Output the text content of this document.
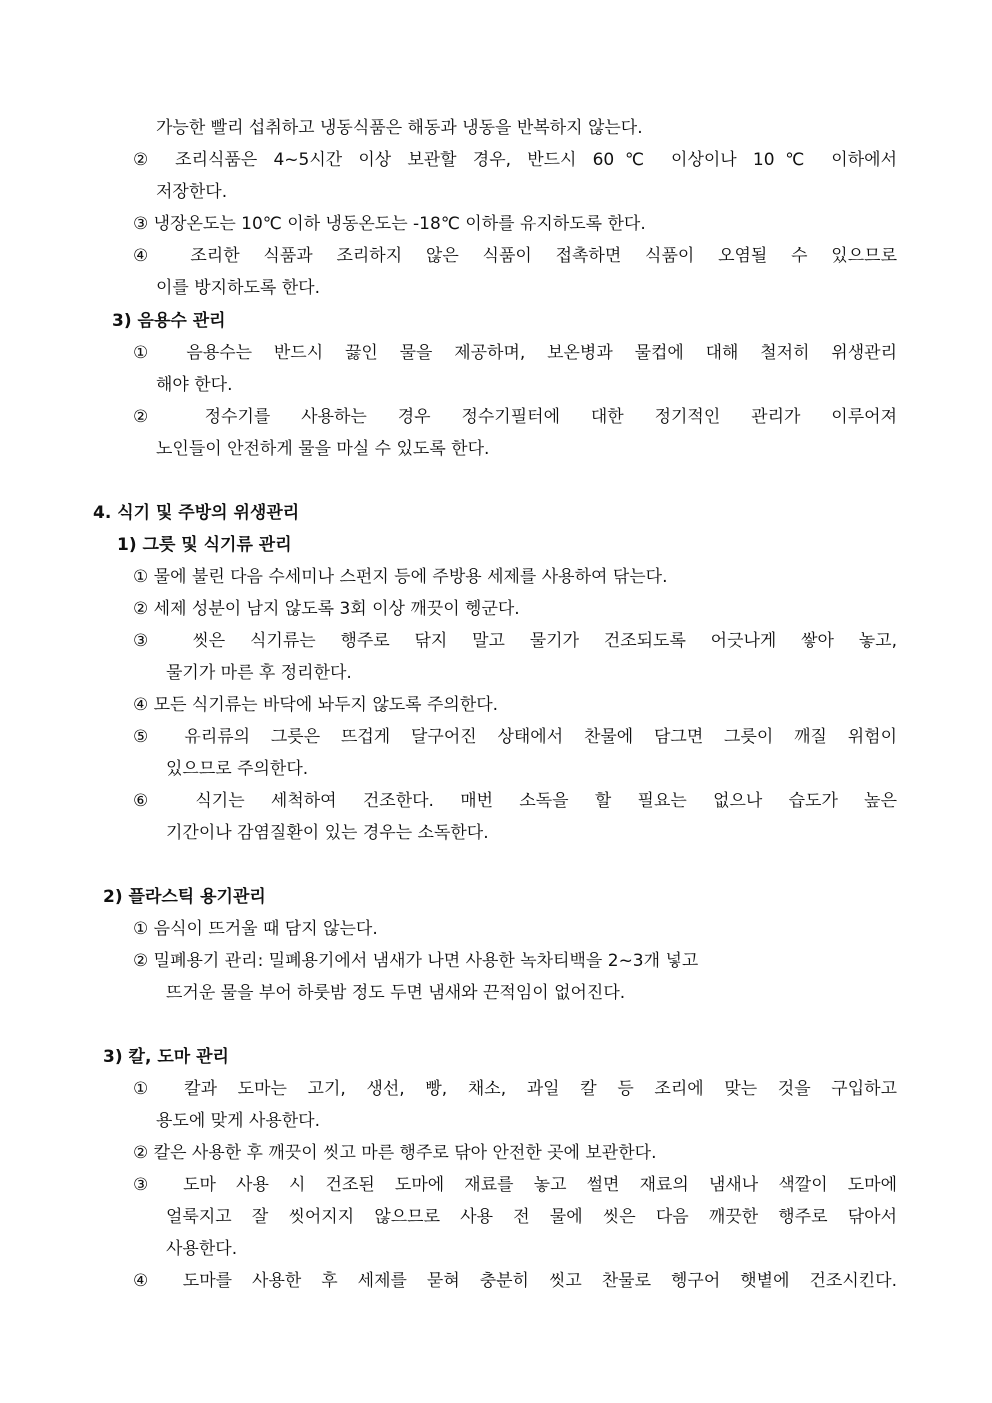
가능한 빨리 섭취하고 냉동식품은 해동과 냉동을 반복하지 않는다.
② 조리식품은 4~5시간 이상 보관할 경우, 반드시 60℃ 이상이나 10℃ 이하에서
저장한다.
③ 냉장온도는 10℃ 이하 냉동온도는 -18℃ 이하를 유지하도록 한다.
④ 조리한 식품과 조리하지 않은 식품이 접촉하면 식품이 오염될 수 있으므로
이를 방지하도록 한다.
3) 음용수 관리
① 음용수는 반드시 끓인 물을 제공하며, 보온병과 물컵에 대해 철저히 위생관리
해야 한다.
② 정수기를 사용하는 경우 정수기필터에 대한 정기적인 관리가 이루어져
노인들이 안전하게 물을 마실 수 있도록 한다.
4. 식기 및 주방의 위생관리
1) 그릇 및 식기류 관리
① 물에 불린 다음 수세미나 스펀지 등에 주방용 세제를 사용하여 닦는다.
② 세제 성분이 남지 않도록 3회 이상 깨끗이 헹군다.
③ 씻은 식기류는 행주로 닦지 말고 물기가 건조되도록 어긋나게 쌓아 놓고,
물기가 마른 후 정리한다.
④ 모든 식기류는 바닥에 놔두지 않도록 주의한다.
⑤ 유리류의 그릇은 뜨겁게 달구어진 상태에서 찬물에 담그면 그릇이 깨질 위험이
있으므로 주의한다.
⑥ 식기는 세척하여 건조한다. 매번 소독을 할 필요는 없으나 습도가 높은
기간이나 감염질환이 있는 경우는 소독한다.
2) 플라스틱 용기관리
① 음식이 뜨거울 때 담지 않는다.
② 밀폐용기 관리: 밀폐용기에서 냄새가 나면 사용한 녹차티백을 2~3개 넣고
뜨거운 물을 부어 하룻밤 정도 두면 냄새와 끈적임이 없어진다.
3) 칼, 도마 관리
① 칼과 도마는 고기, 생선, 빵, 채소, 과일 칼 등 조리에 맞는 것을 구입하고
용도에 맞게 사용한다.
② 칼은 사용한 후 깨끗이 씻고 마른 행주로 닦아 안전한 곳에 보관한다.
③ 도마 사용 시 건조된 도마에 재료를 놓고 썰면 재료의 냄새나 색깔이 도마에
얼룩지고 잘 씻어지지 않으므로 사용 전 물에 씻은 다음 깨끗한 행주로 닦아서
사용한다.
④ 도마를 사용한 후 세제를 묻혀 충분히 씻고 찬물로 헹구어 햇볕에 건조시킨다.
